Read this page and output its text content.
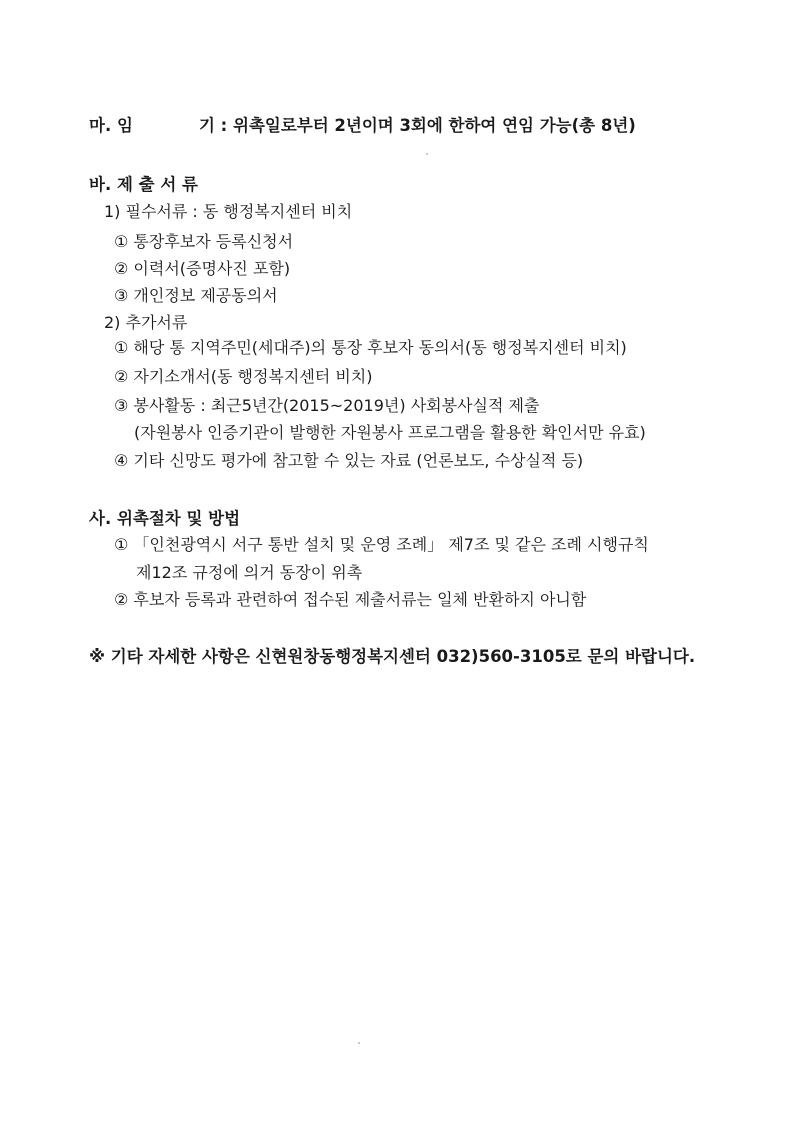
마. 임	기 : 위촉일로부터 2년이며 3회에 한하여 연임 가능(총 8년)
바. 제 출 서 류
1) 필수서류 : 동 행정복지센터 비치
① 통장후보자 등록신청서
② 이력서(증명사진 포함)
③ 개인정보 제공동의서
2) 추가서류
① 해당 통 지역주민(세대주)의 통장 후보자 동의서(동 행정복지센터 비치)
② 자기소개서(동 행정복지센터 비치)
③ 봉사활동 : 최근5년간(2015~2019년) 사회봉사실적 제출
(자원봉사 인증기관이 발행한 자원봉사 프로그램을 활용한 확인서만 유효)
④ 기타 신망도 평가에 참고할 수 있는 자료 (언론보도, 수상실적 등)
사. 위촉절차 및 방법
① 「인천광역시 서구 통반 설치 및 운영 조례」 제7조 및 같은 조례 시행규칙
제12조 규정에 의거 동장이 위촉
② 후보자 등록과 관련하여 접수된 제출서류는 일체 반환하지 아니함
※ 기타 자세한 사항은 신현원창동행정복지센터 032)560-3105로 문의 바랍니다.
